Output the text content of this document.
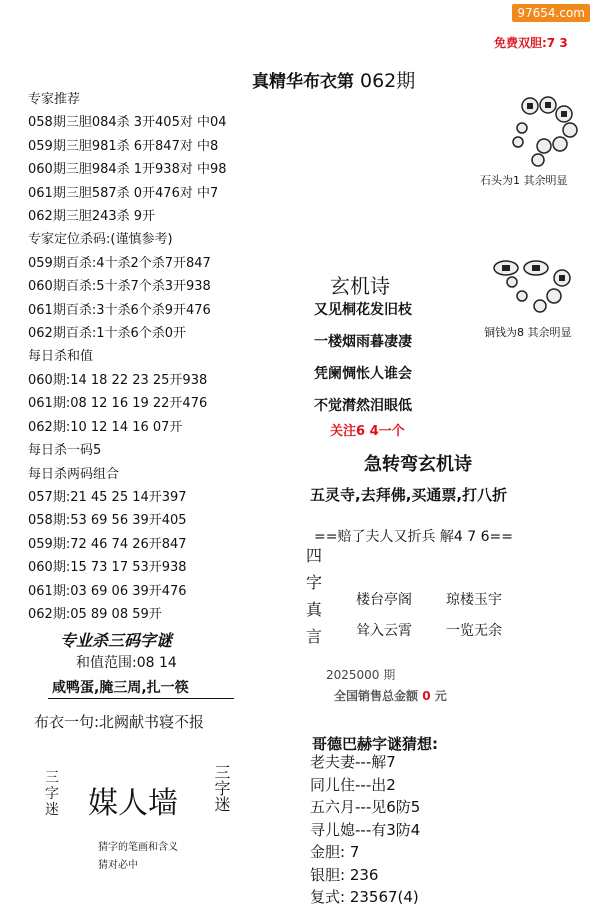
97654.com
免费双胆:7 3
真精华布衣第 062期
专家推荐
058期三胆084杀 3开405对 中04
059期三胆981杀 6开847对 中8
060期三胆984杀 1开938对 中98
061期三胆587杀 0开476对 中7
062期三胆243杀 9开
专家定位杀码:(谨慎参考)
059期百杀:4十杀2个杀7开847
060期百杀:5十杀7个杀3开938
061期百杀:3十杀6个杀9开476
062期百杀:1十杀6个杀0开
每日杀和值
060期:14 18 22 23 25开938
061期:08 12 16 19 22开476
062期:10 12 14 16 07开
每日杀一码5
每日杀两码组合
057期:21 45 25 14开397
058期:53 69 56 39开405
059期:72 46 74 26开847
060期:15 73 17 53开938
061期:03 69 06 39开476
062期:05 89 08 59开
专业杀三码字谜
和值范围:08 14
咸鸭蛋,腌三周,扎一筷
布衣一句:北阙献书寝不报
三字迷 媒人墙
三字迷
猜字的笔画和含义
猜对必中
石头为1 其余明显
铜钱为8 其余明显
玄机诗
又见桐花发旧枝
一楼烟雨暮凄凄
凭阑惆怅人谁会
不觉潸然泪眼低
关注6 4一个
急转弯玄机诗
五灵寺,去拜佛,买通票,打八折
==赔了夫人又折兵 解4 7 6==
四
字
真
言
楼台亭阁 琼楼玉宇
耸入云霄 一览无余
2025000 期
全国销售总金额 0 元
哥德巴赫字谜猜想:
老夫妻---解7
同儿住---出2
五六月---见6防5
寻儿媳---有3防4
金胆: 7
银胆: 236
复式: 23567(4)
